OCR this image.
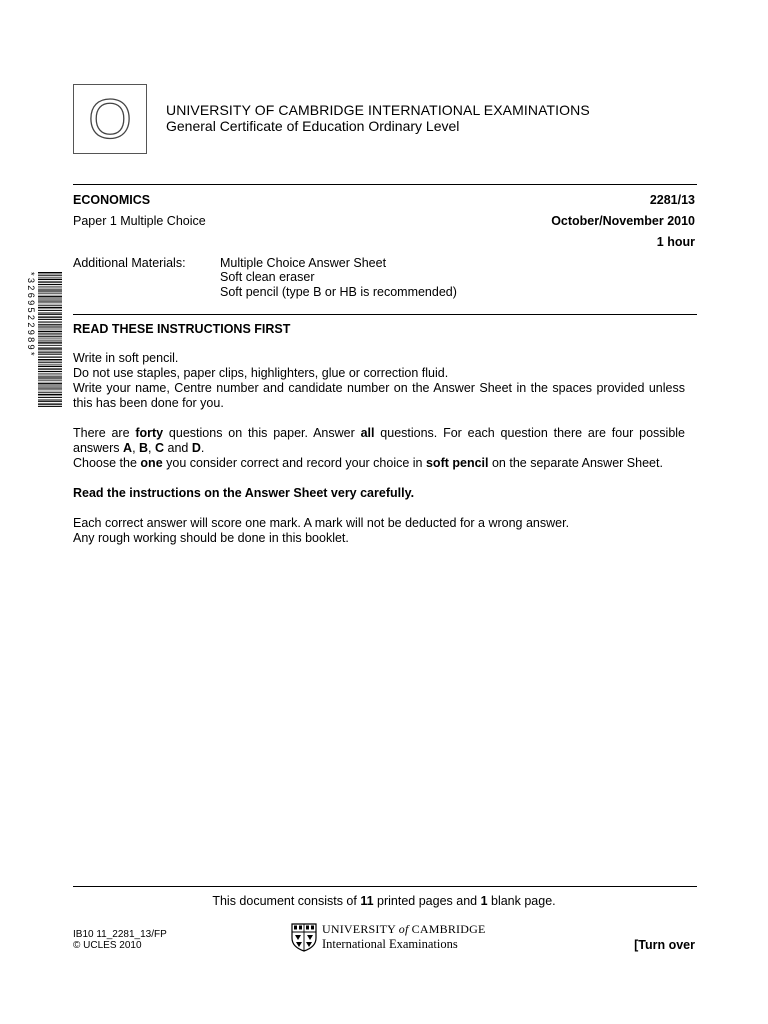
O	UNIVERSITY OF CAMBRIDGE INTERNATIONAL EXAMINATIONS
General Certificate of Education Ordinary Level
ECONOMICS	2281/13
Paper 1 Multiple Choice	October/November 2010
1 hour
Additional Materials:	Multiple Choice Answer Sheet
Soft clean eraser
Soft pencil (type B or HB is recommended)
*3269522989*	READ THESE INSTRUCTIONS FIRST

Write in soft pencil.

Do not use staples, paper clips, highlighters, glue or correction fluid.

Write your name, Centre number and candidate number on the Answer Sheet in the spaces provided unless this has been done for you.

There are forty questions on this paper. Answer all questions. For each question there are four possible answers A, B, C and D.

Choose the one you consider correct and record your choice in soft pencil on the separate Answer Sheet.

Read the instructions on the Answer Sheet very carefully.

Each correct answer will score one mark. A mark will not be deducted for a wrong answer.

Any rough working should be done in this booklet.

This document consists of 11 printed pages and 1 blank page.
IB10 11_2281_13/FP
© UCLES 2010
UNIVERSITY of CAMBRIDGE
International Examinations	[Turn over
